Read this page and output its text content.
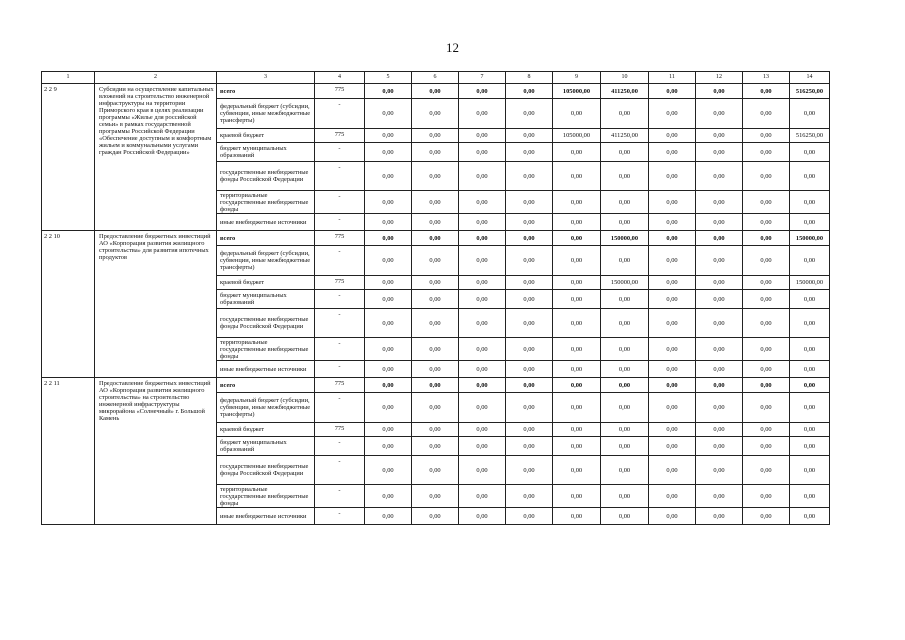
12
1	2	3	4	5	6	7	8	9	10	11	12	13	14
2 2 9	Субсидии на осуществление капитальных вложений на строительство инженерной инфраструктуры на территории Приморского края в целях реализации программы «Жилье для российской семьи» в рамках государственной программы Российской Федерации «Обеспечение доступным и комфортным жильем и коммунальными услугами граждан Российской Федерации»	всего	775	0,00	0,00	0,00	0,00	105000,00	411250,00	0,00	0,00	0,00	516250,00
		федеральный бюджет (субсидии, субвенции, иные межбюджетные трансферты)	-	0,00	0,00	0,00	0,00	0,00	0,00	0,00	0,00	0,00	0,00
		краевой бюджет	775	0,00	0,00	0,00	0,00	105000,00	411250,00	0,00	0,00	0,00	516250,00
		бюджет муниципальных образований	-	0,00	0,00	0,00	0,00	0,00	0,00	0,00	0,00	0,00	0,00
		государственные внебюджетные фонды Российской Федерации	-	0,00	0,00	0,00	0,00	0,00	0,00	0,00	0,00	0,00	0,00
		территориальные государственные внебюджетные фонды	-	0,00	0,00	0,00	0,00	0,00	0,00	0,00	0,00	0,00	0,00
		иные внебюджетные источники	-	0,00	0,00	0,00	0,00	0,00	0,00	0,00	0,00	0,00	0,00
2 2 10	Предоставление бюджетных инвестиций АО «Корпорация развития жилищного строительства» для развития ипотечных продуктов	всего	775	0,00	0,00	0,00	0,00	0,00	150000,00	0,00	0,00	0,00	150000,00
		федеральный бюджет (субсидии, субвенции, иные межбюджетные трансферты)	-	0,00	0,00	0,00	0,00	0,00	0,00	0,00	0,00	0,00	0,00
		краевой бюджет	775	0,00	0,00	0,00	0,00	0,00	150000,00	0,00	0,00	0,00	150000,00
		бюджет муниципальных образований	-	0,00	0,00	0,00	0,00	0,00	0,00	0,00	0,00	0,00	0,00
		государственные внебюджетные фонды Российской Федерации	-	0,00	0,00	0,00	0,00	0,00	0,00	0,00	0,00	0,00	0,00
		территориальные государственные внебюджетные фонды	-	0,00	0,00	0,00	0,00	0,00	0,00	0,00	0,00	0,00	0,00
		иные внебюджетные источники	-	0,00	0,00	0,00	0,00	0,00	0,00	0,00	0,00	0,00	0,00
2 2 11	Предоставление бюджетных инвестиций АО «Корпорация развития жилищного строительства» на строительство инженерной инфраструктуры микрорайона «Солнечный» г. Большой Камень	всего	775	0,00	0,00	0,00	0,00	0,00	0,00	0,00	0,00	0,00	0,00
		федеральный бюджет (субсидии, субвенции, иные межбюджетные трансферты)	-	0,00	0,00	0,00	0,00	0,00	0,00	0,00	0,00	0,00	0,00
		краевой бюджет	775	0,00	0,00	0,00	0,00	0,00	0,00	0,00	0,00	0,00	0,00
		бюджет муниципальных образований	-	0,00	0,00	0,00	0,00	0,00	0,00	0,00	0,00	0,00	0,00
		государственные внебюджетные фонды Российской Федерации	-	0,00	0,00	0,00	0,00	0,00	0,00	0,00	0,00	0,00	0,00
		территориальные государственные внебюджетные фонды	-	0,00	0,00	0,00	0,00	0,00	0,00	0,00	0,00	0,00	0,00
		иные внебюджетные источники	-	0,00	0,00	0,00	0,00	0,00	0,00	0,00	0,00	0,00	0,00
